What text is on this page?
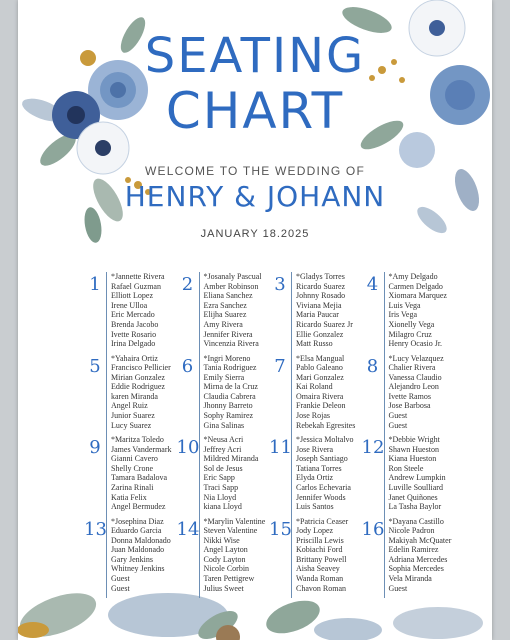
SEATING
CHART
WELCOME TO THE WEDDING OF
HENRY & JOHANN
JANUARY 18.2025
1	*Jannette Rivera
Rafael Guzman
Elliott Lopez
Irene Ulloa
Eric Mercado
Brenda Jacobo
Ivette Rosario
Irina Delgado
2	*Josanaly Pascual
Amber Robinson
Eliana Sanchez
Ezra Sanchez
Elijha Suarez
Amy Rivera
Jennifer Rivera
Vincenzia Rivera
3	*Gladys Torres
Ricardo Suarez
Johnny Rosado
Viviana Mejia
Maria Paucar
Ricardo Suarez Jr
Ellie Gonzalez
Matt Russo
4	*Amy Delgado
Carmen Delgado
Xiomara Marquez
Luis Vega
Iris Vega
Xionelly Vega
Milagro Cruz
Henry Ocasio Jr.
5	*Yahaira Ortiz
Francisco Pellicier
Mirian Gonzalez
Eddie Rodriguez
karen Miranda
Angel Ruiz
Junior Suarez
Lucy Suarez
6	*Ingri Moreno
Tania Rodriguez
Emily Sierra
Mirna de la Cruz
Claudia Cabrera
Jhonny Barreto
Sophy Ramirez
Gina Salinas
7	*Elsa Mangual
Pablo Galeano
Mari Gonzalez
Kai Roland
Omaira Rivera
Frankie Deleon
Jose Rojas
Rebekah Egresites
8	*Lucy Velazquez
Chalier Rivera
Vanessa Claudio
Alejandro Leon
Ivette Ramos
Jose Barbosa
Guest
Guest
9	*Maritza Toledo
James Vandermark
Gianni Cavero
Shelly Crone
Tamara Badalova
Zarina Rinali
Katia Felix
Angel Bermudez
10 *Neusa Acri
Jeffrey Acri
Mildred Miranda
Sol de Jesus
Eric Sapp
Traci Sapp
Nia Lloyd
kiana Lloyd
11 *Jessica Moltalvo
Jose Rivera
Joseph Santiago
Tatiana Torres
Elyda Ortiz
Carlos Echevaria
Jennifer Woods
Luis Santos
12 *Debbie Wright
Shawn Hueston
Kiana Hueston
Ron Steele
Andrew Lumpkin
Luville Soulliard
Janet Quiñones
La Tasha Baylor
13 *Josephina Diaz
Eduardo Garcia
Donna Maldonado
Juan Maldonado
Gary Jenkins
Whitney Jenkins
Guest
Guest
14 *Marylin Valentine
Steven Valentine
Nikki Wise
Angel Layton
Cody Layton
Nicole Corbin
Taren Pettigrew
Julius Sweet
15 *Patricia Ceaser
Jody Lopez
Priscilla Lewis
Kobiachi Ford
Brittany Powell
Aisha Seavey
Wanda Roman
Chavon Roman
16 *Dayana Castillo
Nicole Padron
Makiyah McQuater
Edelin Ramirez
Adriana Mercedes
Sophia Mercedes
Vela Miranda
Guest
